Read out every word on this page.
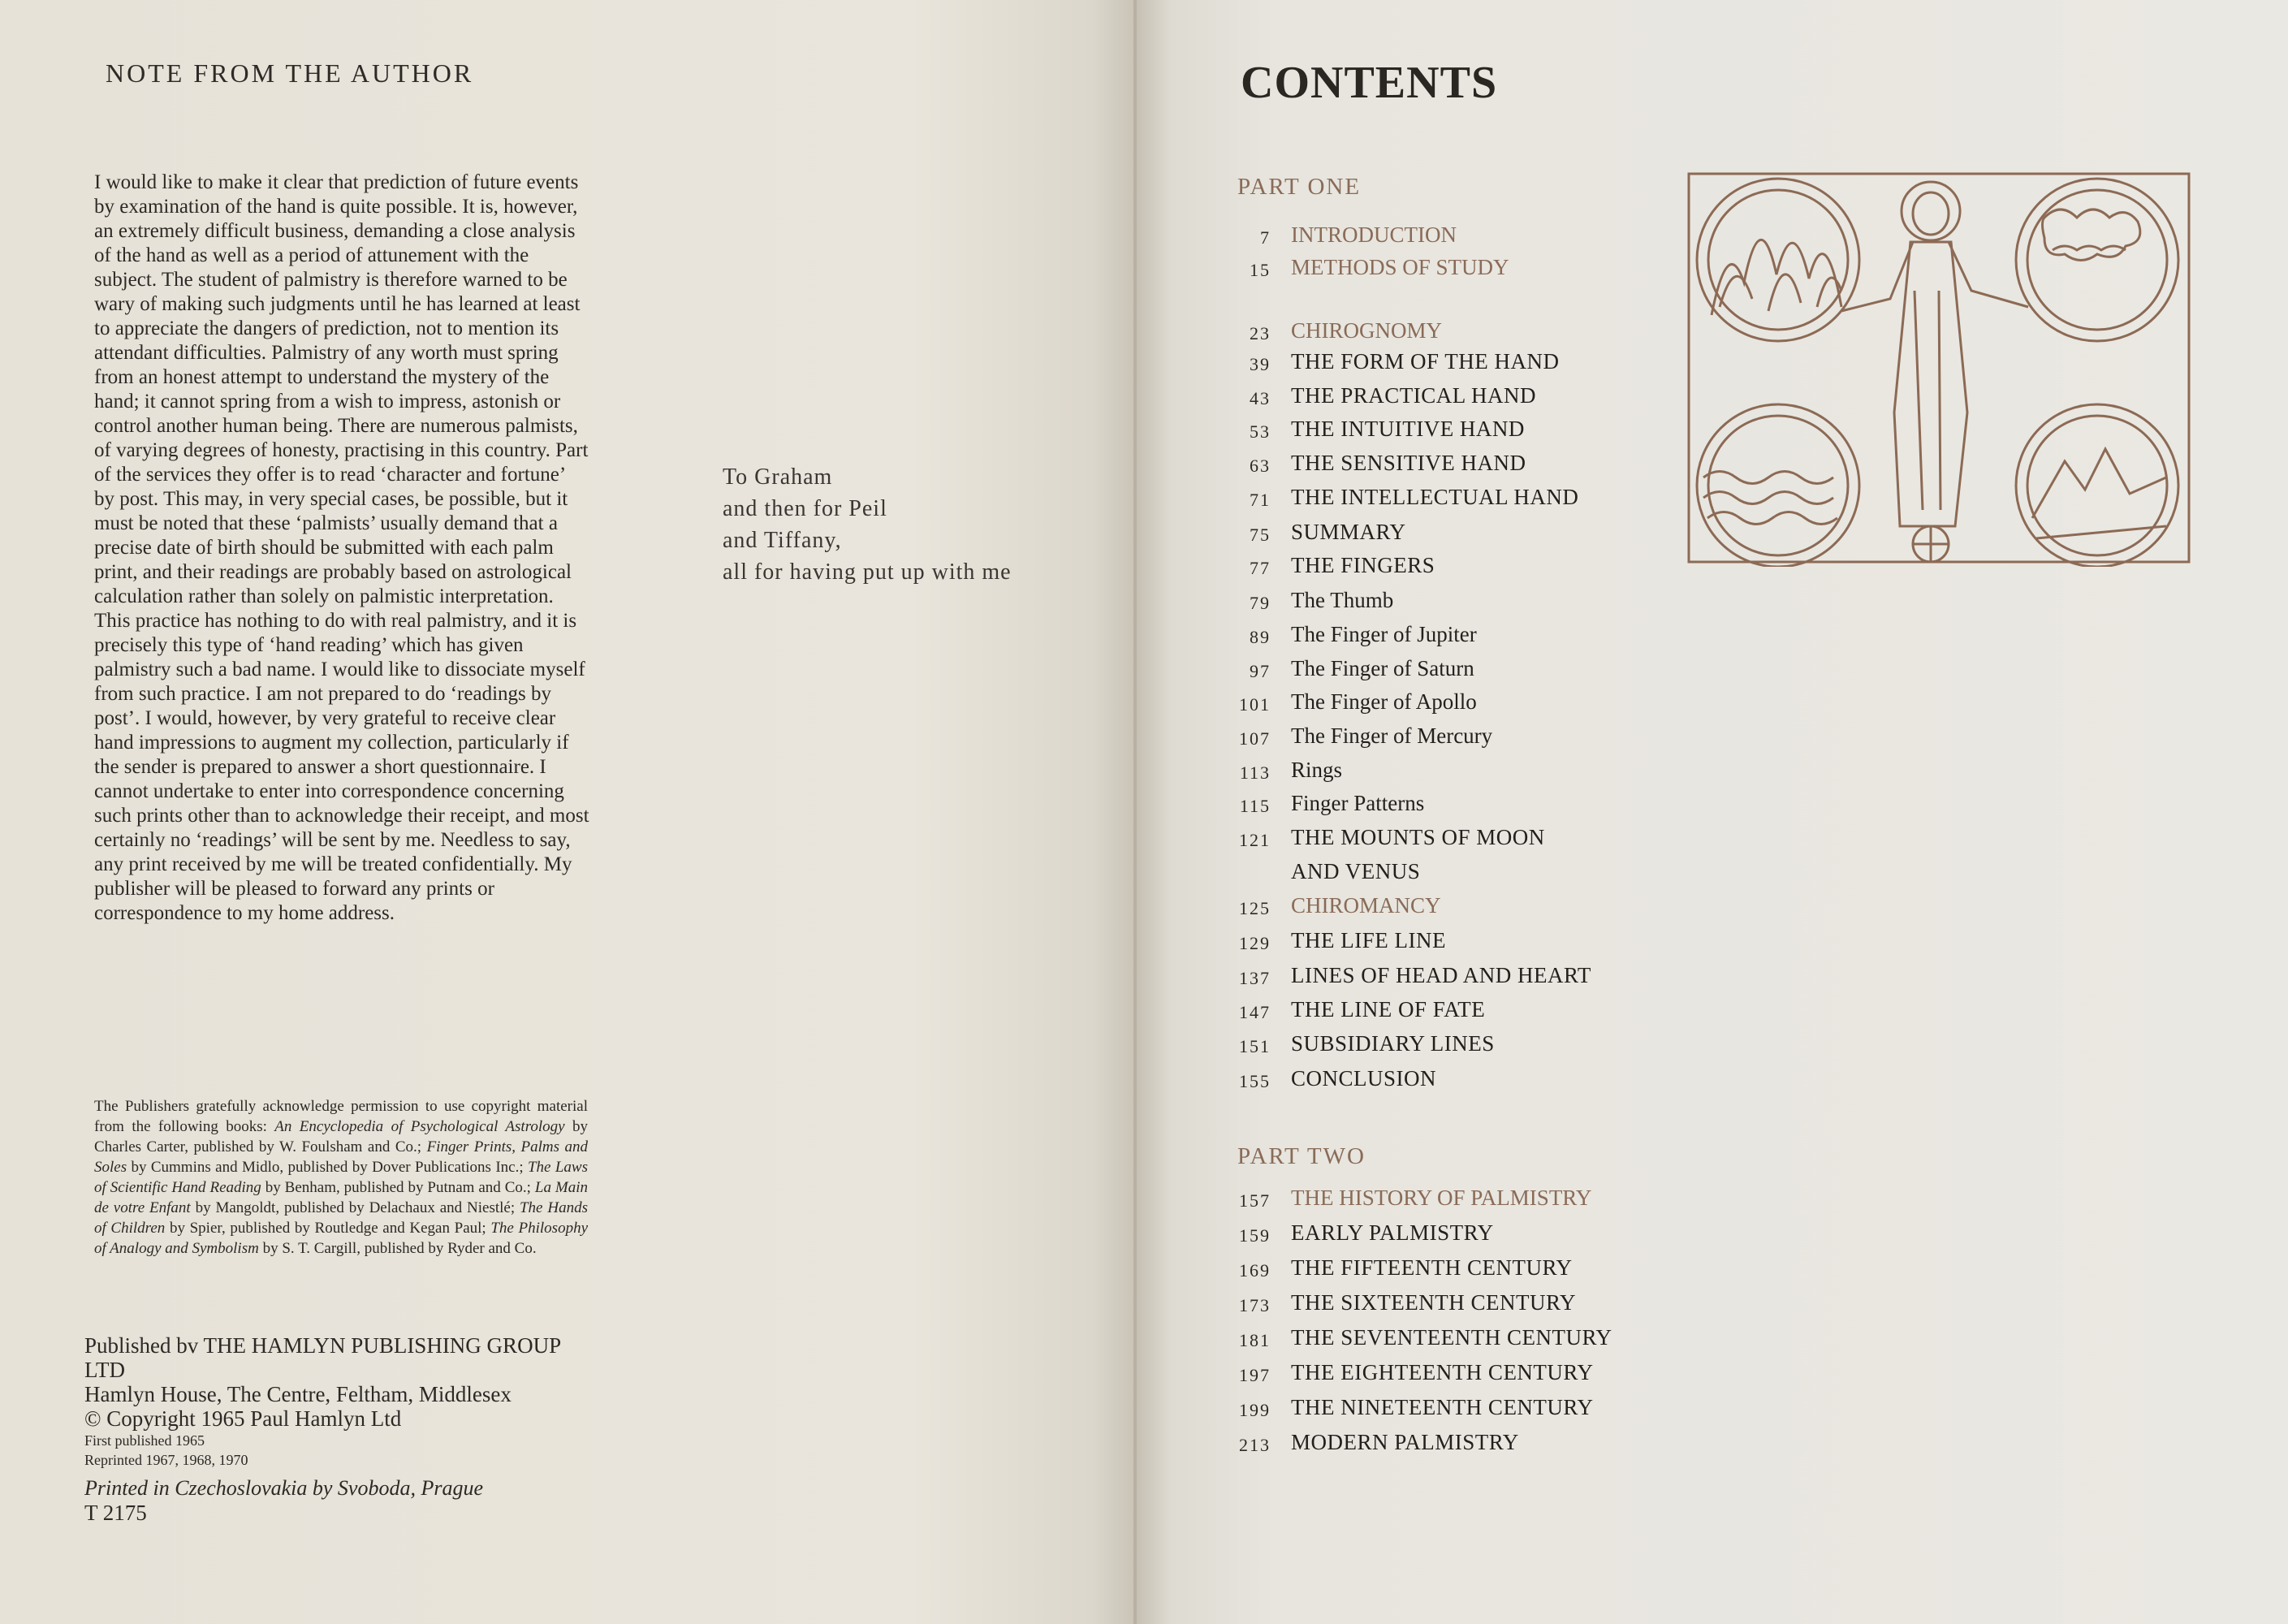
NOTE FROM THE AUTHOR

I would like to make it clear that prediction of future events by examination of the hand is quite possible. It is, however, an extremely difficult business, demanding a close analysis of the hand as well as a period of attunement with the subject. The student of palmistry is therefore warned to be wary of making such judgments until he has learned at least to appreciate the dangers of prediction, not to mention its attendant difficulties. Palmistry of any worth must spring from an honest attempt to understand the mystery of the hand; it cannot spring from a wish to impress, astonish or control another human being. There are numerous palmists, of varying degrees of honesty, practising in this country. Part of the services they offer is to read ‘character and fortune’ by post. This may, in very special cases, be possible, but it must be noted that these ‘palmists’ usually demand that a precise date of birth should be submitted with each palm print, and their readings are probably based on astrological calculation rather than solely on palmistic interpretation.

This practice has nothing to do with real palmistry, and it is precisely this type of ‘hand reading’ which has given palmistry such a bad name. I would like to dissociate myself from such practice. I am not prepared to do ‘readings by post’. I would, however, by very grateful to receive clear hand impressions to augment my collection, particularly if the sender is prepared to answer a short questionnaire. I cannot undertake to enter into correspondence concerning such prints other than to acknowledge their receipt, and most certainly no ‘readings’ will be sent by me. Needless to say, any print received by me will be treated confidentially. My publisher will be pleased to forward any prints or correspondence to my home address.

The Publishers gratefully acknowledge permission to use copyright material from the following books: An Encyclopedia of Psychological Astrology by Charles Carter, published by W. Foulsham and Co.; Finger Prints, Palms and Soles by Cummins and Midlo, published by Dover Publications Inc.; The Laws of Scientific Hand Reading by Benham, published by Putnam and Co.; La Main de votre Enfant by Mangoldt, published by Delachaux and Niestlé; The Hands of Children by Spier, published by Routledge and Kegan Paul; The Philosophy of Analogy and Symbolism by S. T. Cargill, published by Ryder and Co.
Published bv THE HAMLYN PUBLISHING GROUP LTD
Hamlyn House, The Centre, Feltham, Middlesex
© Copyright 1965 Paul Hamlyn Ltd
First published 1965
Reprinted 1967, 1968, 1970
Printed in Czechoslovakia by Svoboda, Prague
T 2175
To Graham
and then for Peil
and Tiffany,
all for having put up with me
CONTENTS
PART ONE
7 INTRODUCTION
15 METHODS OF STUDY
23 CHIROGNOMY
39 THE FORM OF THE HAND
43 THE PRACTICAL HAND
53 THE INTUITIVE HAND
63 THE SENSITIVE HAND
71 THE INTELLECTUAL HAND
75 SUMMARY
77 THE FINGERS
79 The Thumb
89 The Finger of Jupiter
97 The Finger of Saturn
101 The Finger of Apollo
107 The Finger of Mercury
113 Rings
115 Finger Patterns
121 THE MOUNTS OF MOON
AND VENUS
125 CHIROMANCY
129 THE LIFE LINE
137 LINES OF HEAD AND HEART
147 THE LINE OF FATE
151 SUBSIDIARY LINES
155 CONCLUSION
PART TWO
157 THE HISTORY OF PALMISTRY
159 EARLY PALMISTRY
169 THE FIFTEENTH CENTURY
173 THE SIXTEENTH CENTURY
181 THE SEVENTEENTH CENTURY
197 THE EIGHTEENTH CENTURY
199 THE NINETEENTH CENTURY
213 MODERN PALMISTRY
